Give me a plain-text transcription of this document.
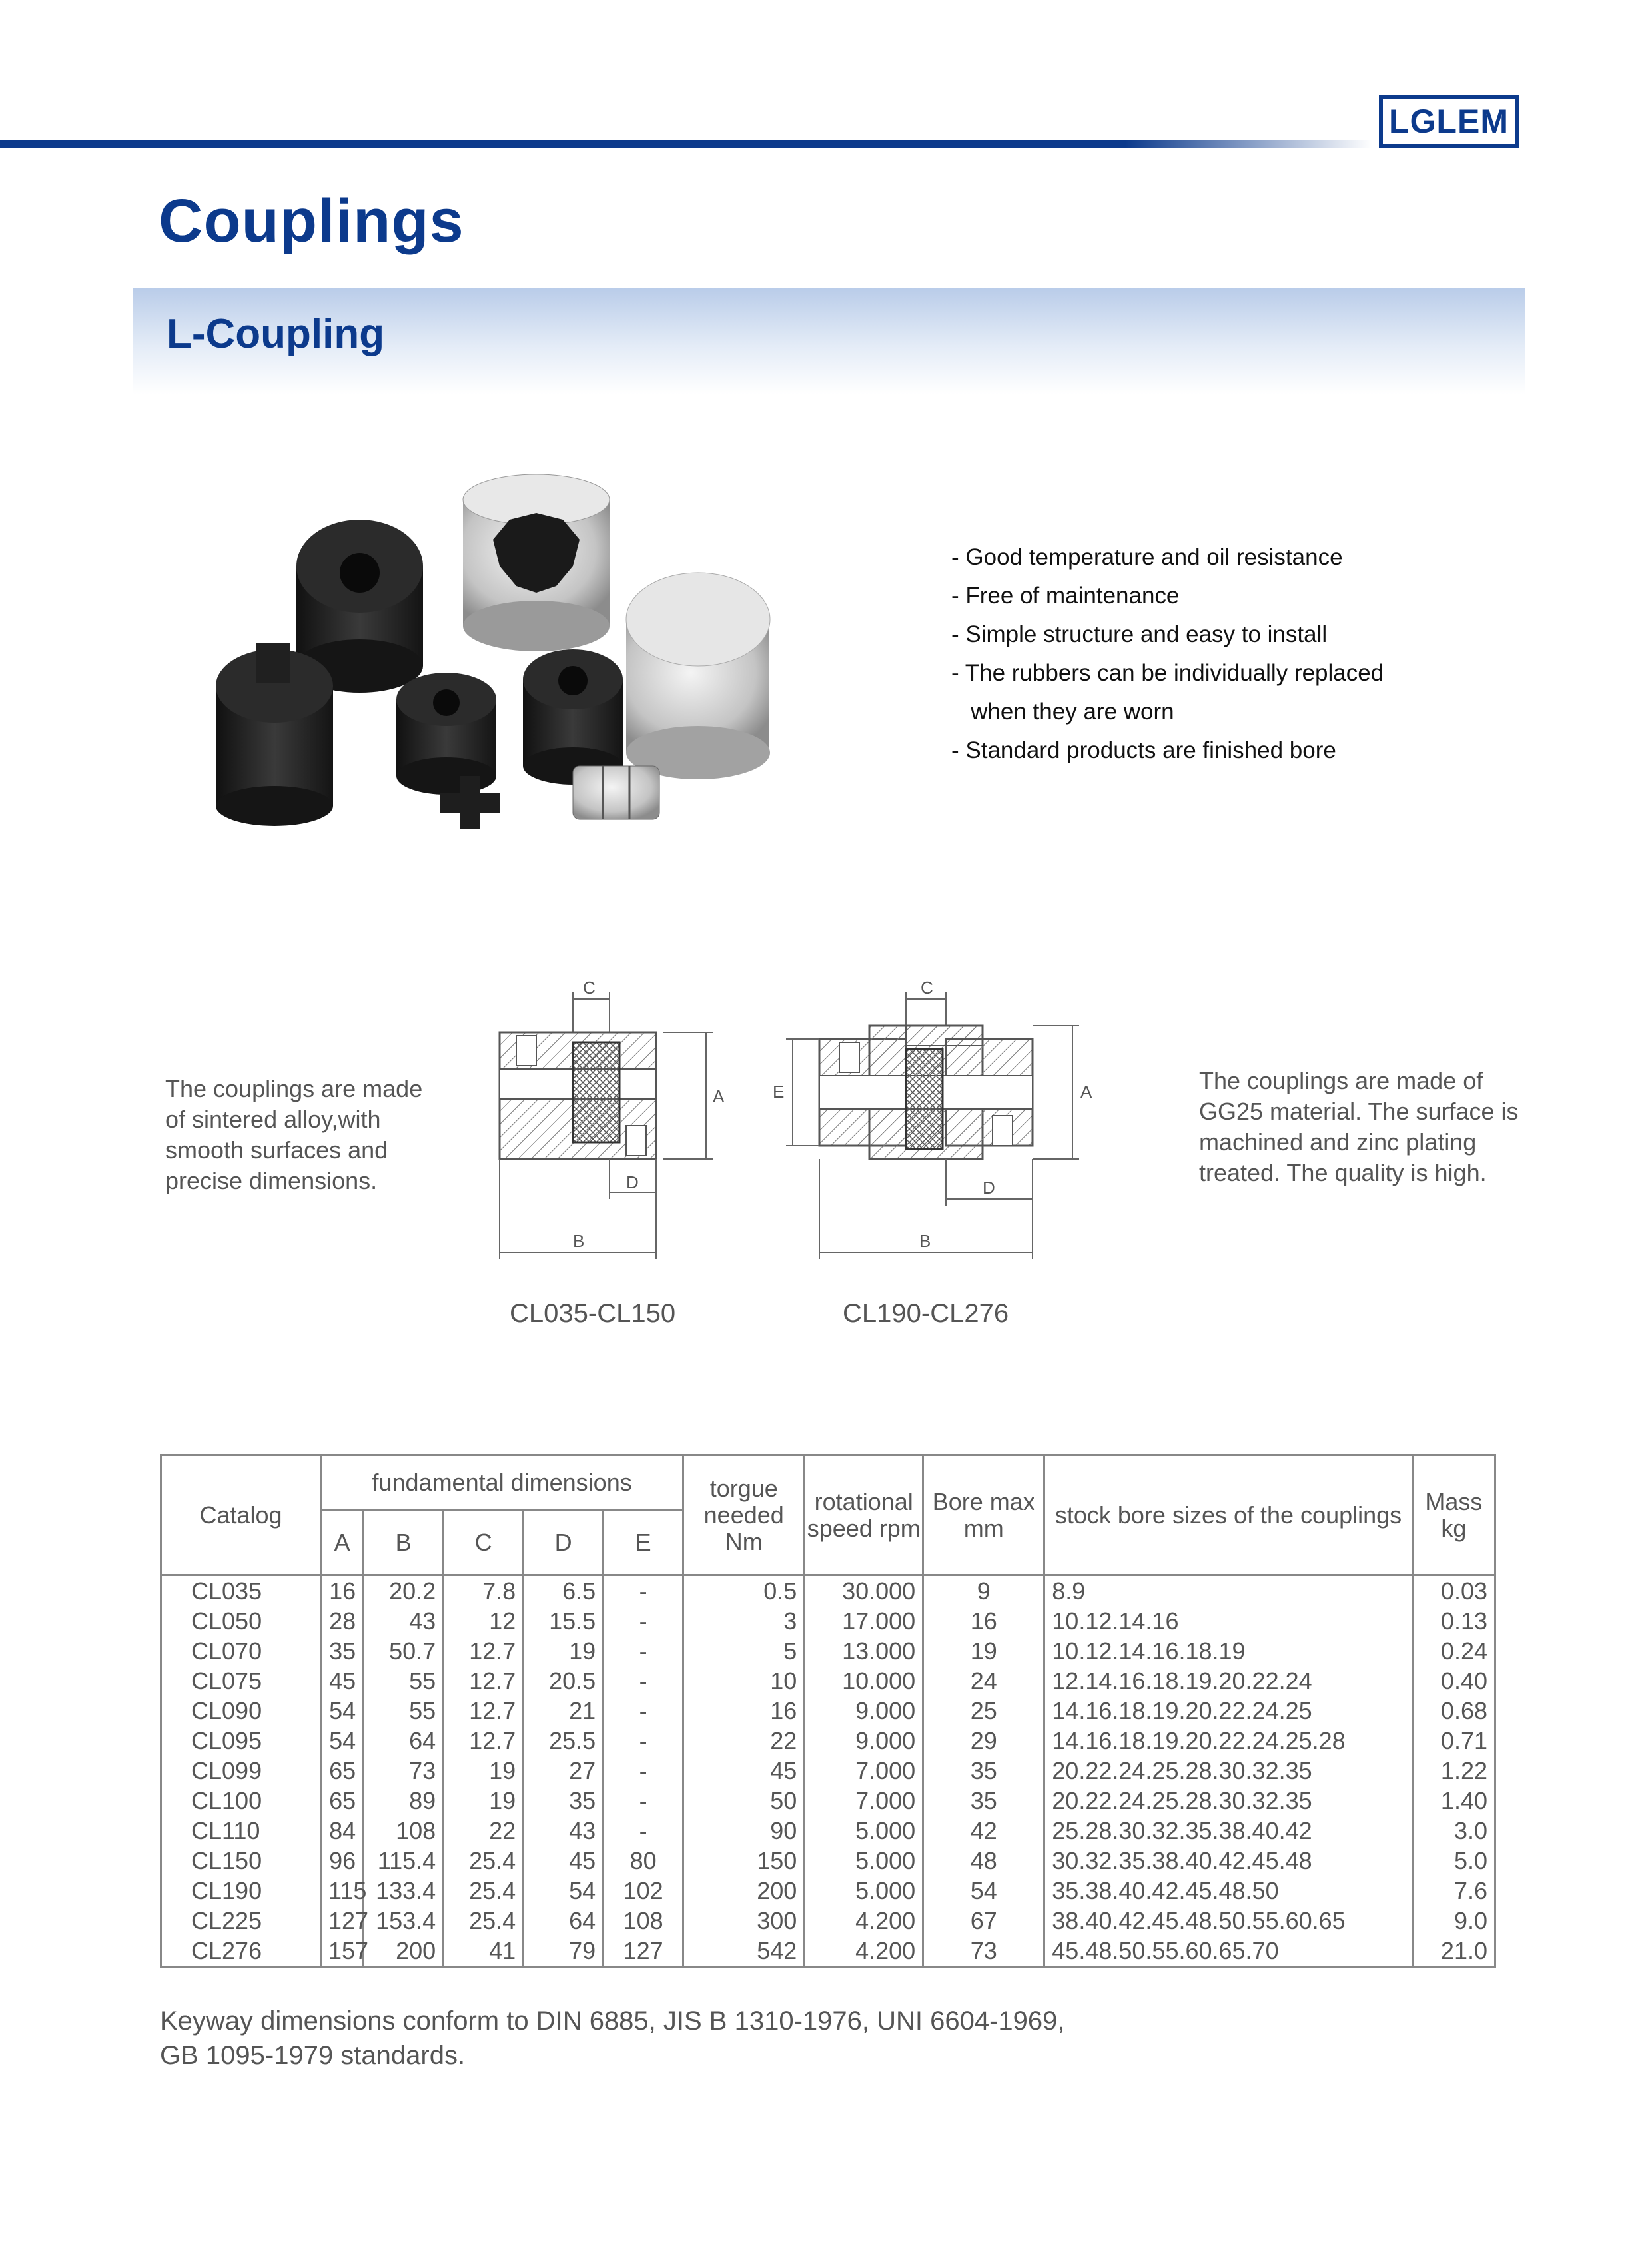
LGLEM
Couplings
L-Coupling
- Good temperature and oil resistance
- Free of maintenance
- Simple structure and easy to install
- The rubbers can be individually replaced
when they are worn
- Standard products are finished bore
The couplings are made of sintered alloy,with smooth surfaces and precise dimensions.
The couplings are made of GG25 material. The surface is machined and zinc plating treated. The quality is high.
C
A
D
B
C
E	A
D
B
CL035-CL150	CL190-CL276
Catalog	fundamental dimensions					torgue needed Nm	rotational speed rpm	Bore max mm	stock bore sizes of the couplings	Mass kg
	A	B	C	D	E					
CL035	16	20.2	7.8	6.5	-	0.5	30.000	9	8.9	0.03
CL050	28	43	12	15.5	-	3	17.000	16	10.12.14.16	0.13
CL070	35	50.7	12.7	19	-	5	13.000	19	10.12.14.16.18.19	0.24
CL075	45	55	12.7	20.5	-	10	10.000	24	12.14.16.18.19.20.22.24	0.40
CL090	54	55	12.7	21	-	16	9.000	25	14.16.18.19.20.22.24.25	0.68
CL095	54	64	12.7	25.5	-	22	9.000	29	14.16.18.19.20.22.24.25.28	0.71
CL099	65	73	19	27	-	45	7.000	35	20.22.24.25.28.30.32.35	1.22
CL100	65	89	19	35	-	50	7.000	35	20.22.24.25.28.30.32.35	1.40
CL110	84	108	22	43	-	90	5.000	42	25.28.30.32.35.38.40.42	3.0
CL150	96	115.4	25.4	45	80	150	5.000	48	30.32.35.38.40.42.45.48	5.0
CL190	115	133.4	25.4	54	102	200	5.000	54	35.38.40.42.45.48.50	7.6
CL225	127	153.4	25.4	64	108	300	4.200	67	38.40.42.45.48.50.55.60.65	9.0
CL276	157	200	41	79	127	542	4.200	73	45.48.50.55.60.65.70	21.0
Keyway dimensions conform to DIN 6885, JIS B 1310-1976, UNI 6604-1969,
GB 1095-1979 standards.
